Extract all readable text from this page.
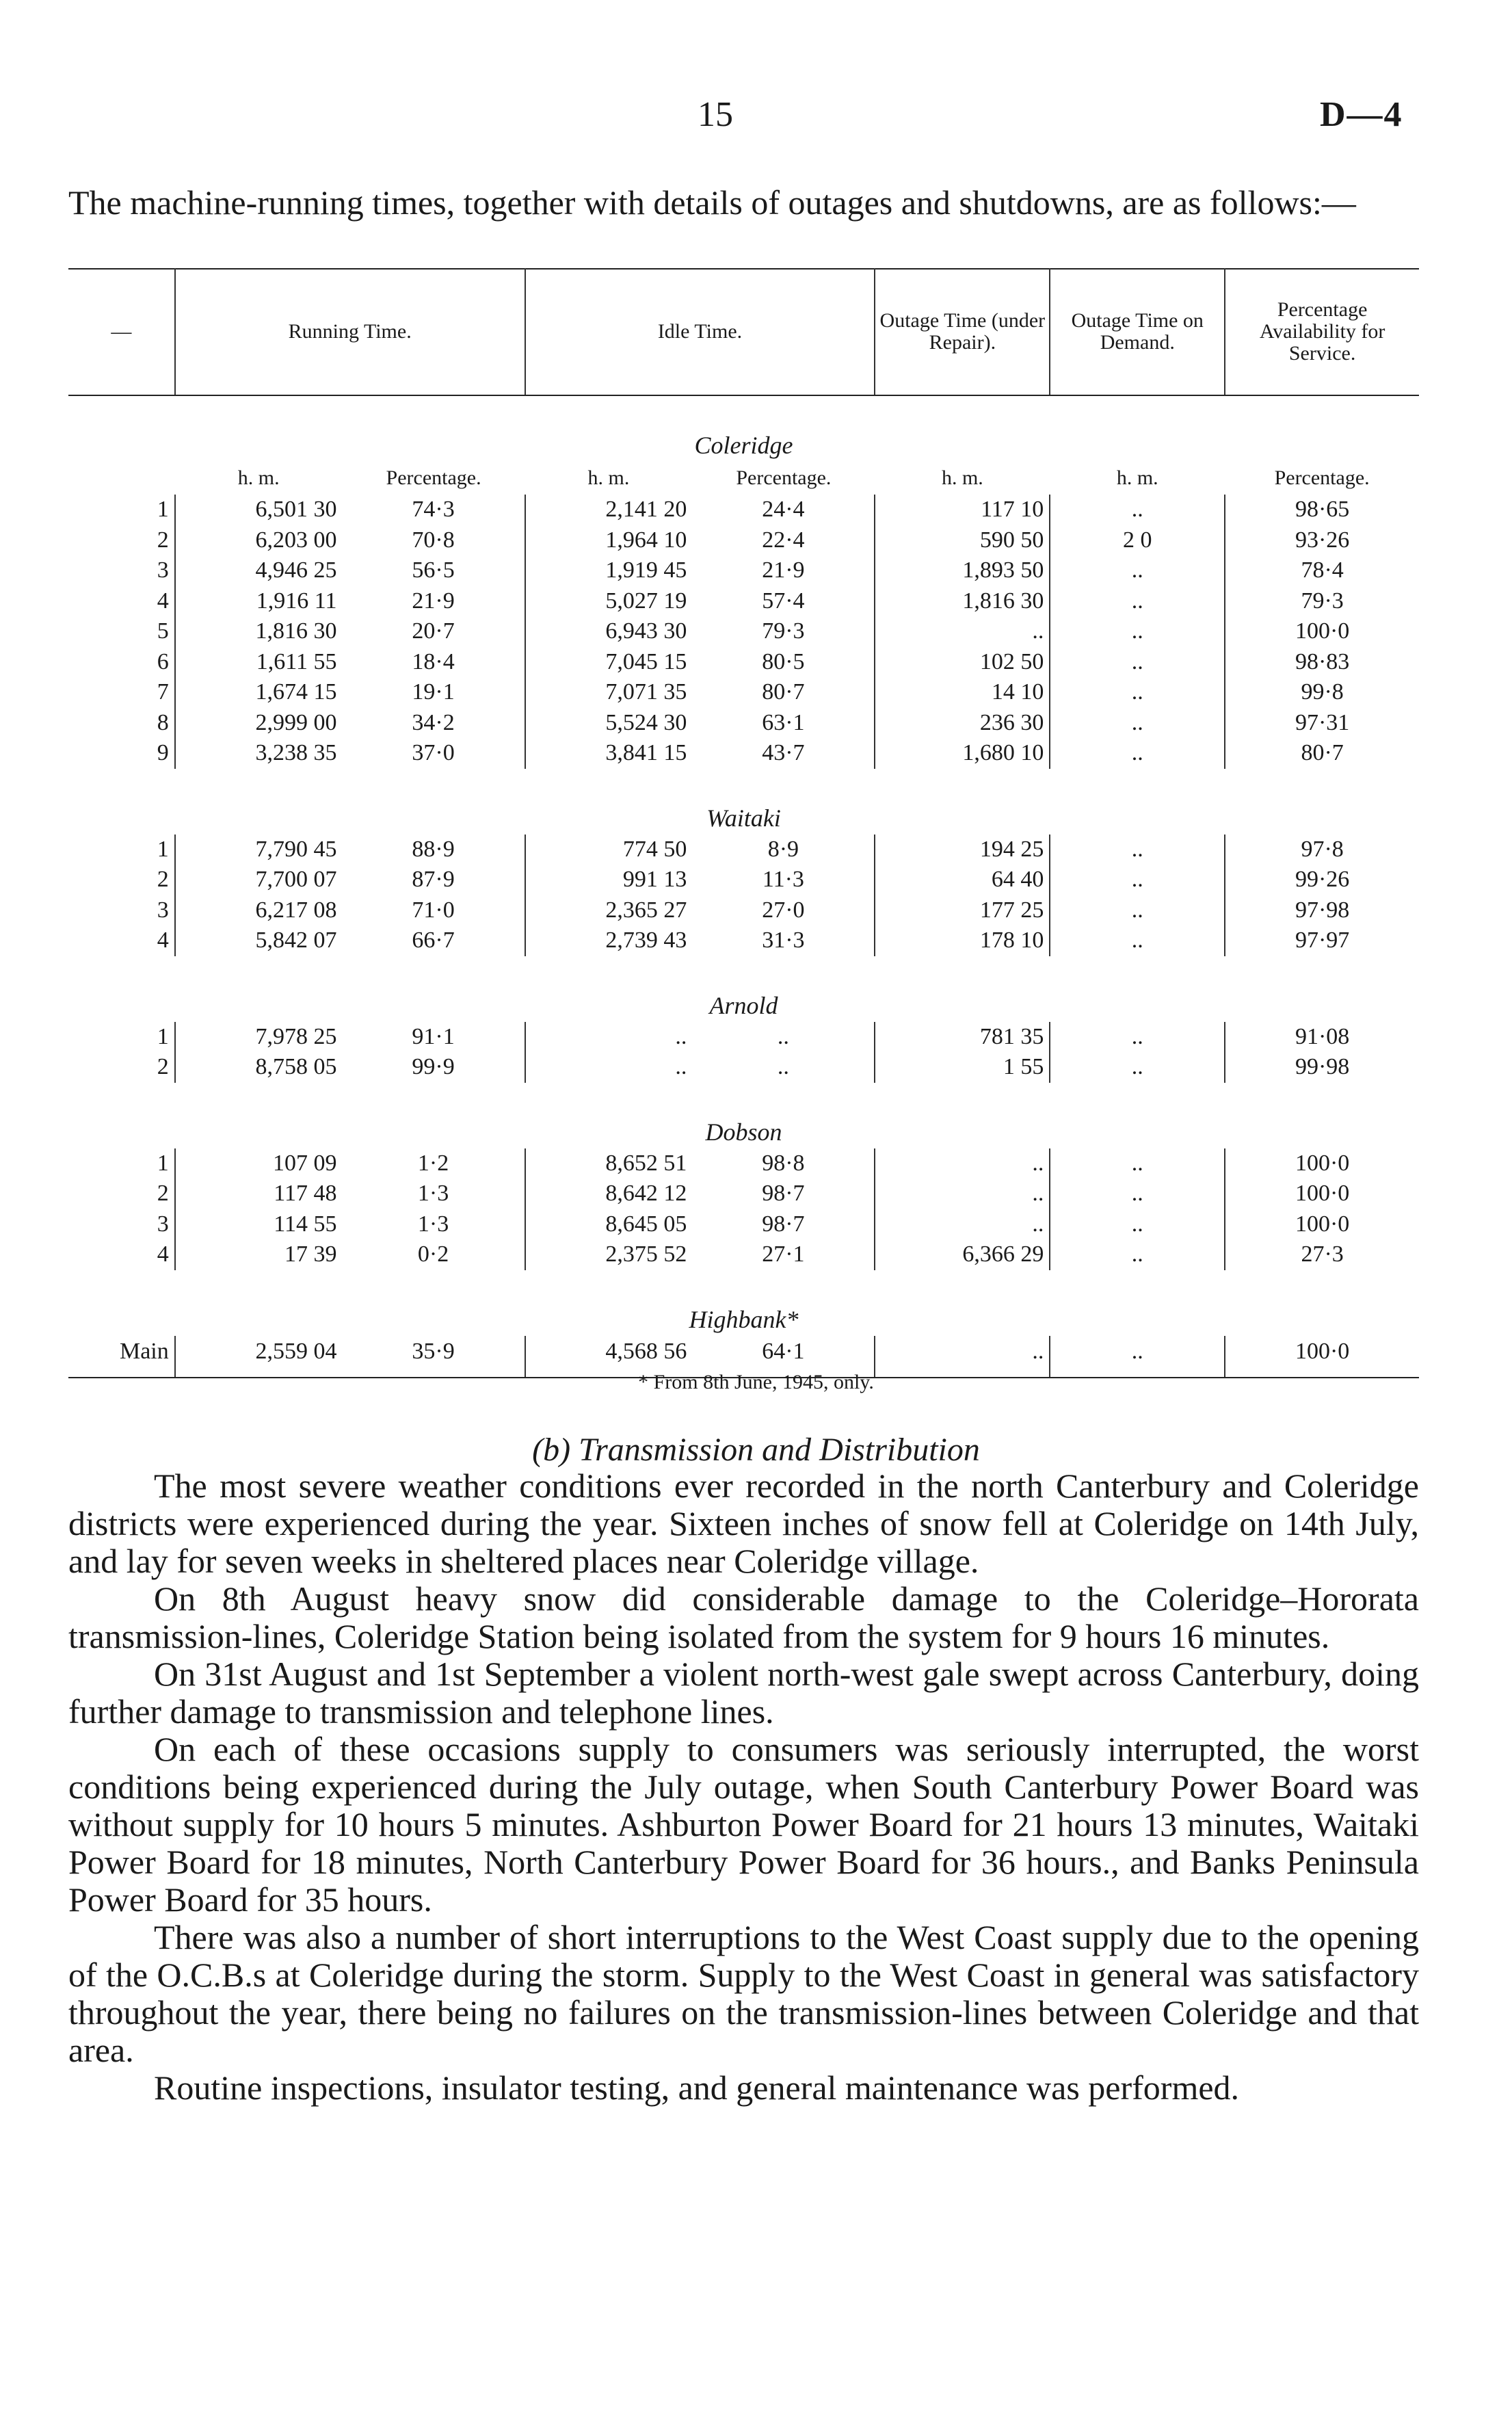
15	D—4
The machine-running times, together with details of outages and shutdowns, are as follows:—
—	Running Time.		Idle Time.		Outage Time (under Repair).	Outage Time on Demand.	Percentage Availability for Service.
Coleridge							
	h. m.	Percentage.	h. m.	Percentage.	h. m.	h. m.	Percentage.
1	6,501 30	74·3	2,141 20	24·4	117 10	..	98·65
2	6,203 00	70·8	1,964 10	22·4	590 50	2 0	93·26
3	4,946 25	56·5	1,919 45	21·9	1,893 50	..	78·4
4	1,916 11	21·9	5,027 19	57·4	1,816 30	..	79·3
5	1,816 30	20·7	6,943 30	79·3	..	..	100·0
6	1,611 55	18·4	7,045 15	80·5	102 50	..	98·83
7	1,674 15	19·1	7,071 35	80·7	14 10	..	99·8
8	2,999 00	34·2	5,524 30	63·1	236 30	..	97·31
9	3,238 35	37·0	3,841 15	43·7	1,680 10	..	80·7
Waitaki							
1	7,790 45	88·9	774 50	8·9	194 25	..	97·8
2	7,700 07	87·9	991 13	11·3	64 40	..	99·26
3	6,217 08	71·0	2,365 27	27·0	177 25	..	97·98
4	5,842 07	66·7	2,739 43	31·3	178 10	..	97·97
Arnold							
1	7,978 25	91·1	..	..	781 35	..	91·08
2	8,758 05	99·9	..	..	1 55	..	99·98
Dobson							
1	107 09	1·2	8,652 51	98·8	..	..	100·0
2	117 48	1·3	8,642 12	98·7	..	..	100·0
3	114 55	1·3	8,645 05	98·7	..	..	100·0
4	17 39	0·2	2,375 52	27·1	6,366 29	..	27·3
Highbank*							
Main	2,559 04	35·9	4,568 56	64·1	..	..	100·0
* From 8th June, 1945, only.
(b) Transmission and Distribution

The most severe weather conditions ever recorded in the north Canterbury and Coleridge districts were experienced during the year. Sixteen inches of snow fell at Coleridge on 14th July, and lay for seven weeks in sheltered places near Coleridge village.

On 8th August heavy snow did considerable damage to the Coleridge–Hororata transmission-lines, Coleridge Station being isolated from the system for 9 hours 16 minutes.

On 31st August and 1st September a violent north-west gale swept across Canterbury, doing further damage to transmission and telephone lines.

On each of these occasions supply to consumers was seriously interrupted, the worst conditions being experienced during the July outage, when South Canterbury Power Board was without supply for 10 hours 5 minutes. Ashburton Power Board for 21 hours 13 minutes, Waitaki Power Board for 18 minutes, North Canterbury Power Board for 36 hours., and Banks Peninsula Power Board for 35 hours.

There was also a number of short interruptions to the West Coast supply due to the opening of the O.C.B.s at Coleridge during the storm. Supply to the West Coast in general was satisfactory throughout the year, there being no failures on the transmission-lines between Coleridge and that area.

Routine inspections, insulator testing, and general maintenance was performed.
